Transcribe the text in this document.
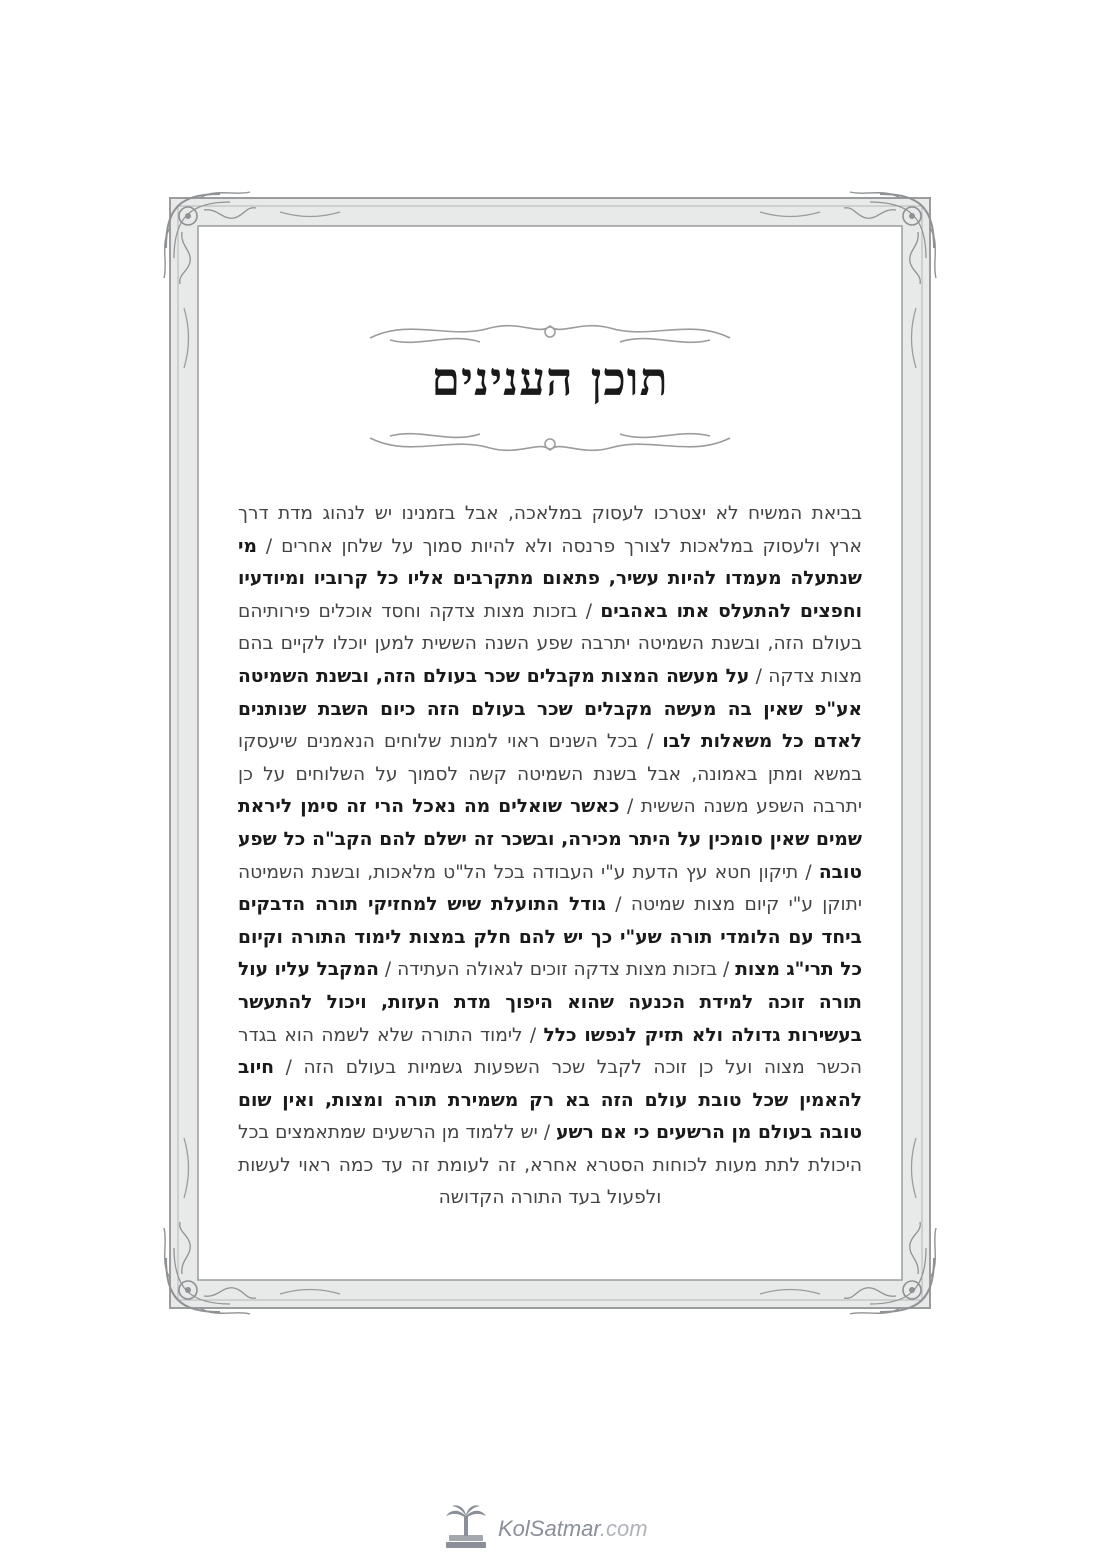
תוכן הענינים
בביאת המשיח לא יצטרכו לעסוק במלאכה, אבל בזמנינו יש לנהוג מדת דרך ארץ ולעסוק במלאכות לצורך פרנסה ולא להיות סמוך על שלחן אחרים / מי שנתעלה מעמדו להיות עשיר, פתאום מתקרבים אליו כל קרוביו ומיודעיו וחפצים להתעלס אתו באהבים / בזכות מצות צדקה וחסד אוכלים פירותיהם בעולם הזה, ובשנת השמיטה יתרבה שפע השנה הששית למען יוכלו לקיים בהם מצות צדקה / על מעשה המצות מקבלים שכר בעולם הזה, ובשנת השמיטה אע"פ שאין בה מעשה מקבלים שכר בעולם הזה כיום השבת שנותנים לאדם כל משאלות לבו / בכל השנים ראוי למנות שלוחים הנאמנים שיעסקו במשא ומתן באמונה, אבל בשנת השמיטה קשה לסמוך על השלוחים על כן יתרבה השפע משנה הששית / כאשר שואלים מה נאכל הרי זה סימן ליראת שמים שאין סומכין על היתר מכירה, ובשכר זה ישלם להם הקב"ה כל שפע טובה / תיקון חטא עץ הדעת ע"י העבודה בכל הל"ט מלאכות, ובשנת השמיטה יתוקן ע"י קיום מצות שמיטה / גודל התועלת שיש למחזיקי תורה הדבקים ביחד עם הלומדי תורה שע"י כך יש להם חלק במצות לימוד התורה וקיום כל תרי"ג מצות / בזכות מצות צדקה זוכים לגאולה העתידה / המקבל עליו עול תורה זוכה למידת הכנעה שהוא היפוך מדת העזות, ויכול להתעשר בעשירות גדולה ולא תזיק לנפשו כלל / לימוד התורה שלא לשמה הוא בגדר הכשר מצוה ועל כן זוכה לקבל שכר השפעות גשמיות בעולם הזה / חיוב להאמין שכל טובת עולם הזה בא רק משמירת תורה ומצות, ואין שום טובה בעולם מן הרשעים כי אם רשע / יש ללמוד מן הרשעים שמתאמצים בכל היכולת לתת מעות לכוחות הסטרא אחרא, זה לעומת זה עד כמה ראוי לעשות ולפעול בעד התורה הקדושה
KolSatmar.com
